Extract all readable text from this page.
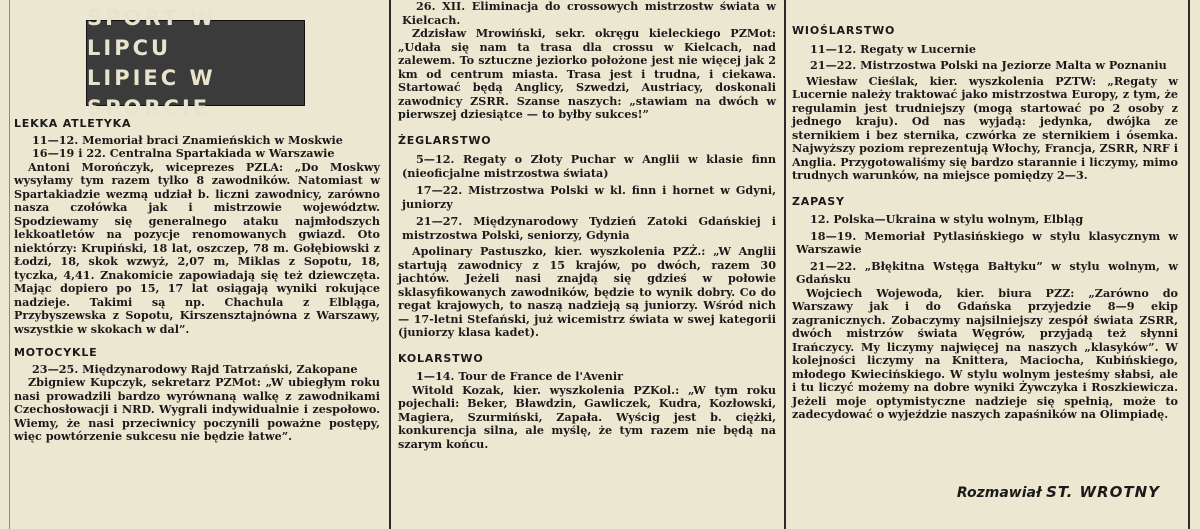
SPORT W LIPCU
LIPIEC W SPORCIE

LEKKA ATLETYKA

11—12. Memoriał braci Znamieńskich w Moskwie

16—19 i 22. Centralna Spartakiada w Warszawie

Antoni Morończyk, wiceprezes PZLA: „Do Moskwy wysyłamy tym razem tylko 8 zawodników. Natomiast w Spartakiadzie wezmą udział b. liczni zawodnicy, zarówno nasza czołówka jak i mistrzowie województw. Spodziewamy się generalnego ataku najmłodszych lekkoatletów na pozycje renomowanych gwiazd. Oto niektórzy: Krupiński, 18 lat, oszczep, 78 m. Gołębiowski z Łodzi, 18, skok wzwyż, 2,07 m, Miklas z Sopotu, 18, tyczka, 4,41. Znakomicie zapowiadają się też dziewczęta. Mając dopiero po 15, 17 lat osiągają wyniki rokujące nadzieje. Takimi są np. Chachula z Elbląga, Przybyszewska z Sopotu, Kirszensztajnówna z Warszawy, wszystkie w skokach w dal”.

MOTOCYKLE

23—25. Międzynarodowy Rajd Tatrzański, Zakopane

Zbigniew Kupczyk, sekretarz PZMot: „W ubiegłym roku nasi prowadzili bardzo wyrównaną walkę z zawodnikami Czechosłowacji i NRD. Wygrali indywidualnie i zespołowo. Wiemy, że nasi przeciwnicy poczynili poważne postępy, więc powtórzenie sukcesu nie będzie łatwe”.

26. XII. Eliminacja do crossowych mistrzostw świata w Kielcach.

Zdzisław Mrowiński, sekr. okręgu kieleckiego PZMot: „Udała się nam ta trasa dla crossu w Kielcach, nad zalewem. To sztuczne jeziorko położone jest nie więcej jak 2 km od centrum miasta. Trasa jest i trudna, i ciekawa. Startować będą Anglicy, Szwedzi, Austriacy, doskonali zawodnicy ZSRR. Szanse naszych: „stawiam na dwóch w pierwszej dziesiątce — to byłby sukces!”

ŻEGLARSTWO

5—12. Regaty o Złoty Puchar w Anglii w klasie finn (nieoficjalne mistrzostwa świata)

17—22. Mistrzostwa Polski w kl. finn i hornet w Gdyni, juniorzy

21—27. Międzynarodowy Tydzień Zatoki Gdańskiej i mistrzostwa Polski, seniorzy, Gdynia

Apolinary Pastuszko, kier. wyszkolenia PZŻ.: „W Anglii startują zawodnicy z 15 krajów, po dwóch, razem 30 jachtów. Jeżeli nasi znajdą się gdzieś w połowie sklasyfikowanych zawodników, będzie to wynik dobry. Co do regat krajowych, to naszą nadzieją są juniorzy. Wśród nich — 17-letni Stefański, już wicemistrz świata w swej kategorii (juniorzy klasa kadet).

KOLARSTWO

1—14. Tour de France de l'Avenir

Witold Kozak, kier. wyszkolenia PZKol.: „W tym roku pojechali: Beker, Bławdzin, Gawliczek, Kudra, Kozłowski, Magiera, Szurmiński, Zapała. Wyścig jest b. ciężki, konkurencja silna, ale myślę, że tym razem nie będą na szarym końcu.

WIOŚLARSTWO

11—12. Regaty w Lucernie

21—22. Mistrzostwa Polski na Jeziorze Malta w Poznaniu

Wiesław Cieślak, kier. wyszkolenia PZTW: „Regaty w Lucernie należy traktować jako mistrzostwa Europy, z tym, że regulamin jest trudniejszy (mogą startować po 2 osoby z jednego kraju). Od nas wyjadą: jedynka, dwójka ze sternikiem i bez sternika, czwórka ze sternikiem i ósemka. Najwyższy poziom reprezentują Włochy, Francja, ZSRR, NRF i Anglia. Przygotowaliśmy się bardzo starannie i liczymy, mimo trudnych warunków, na miejsce pomiędzy 2—3.

ZAPASY

12. Polska—Ukraina w stylu wolnym, Elbląg

18—19. Memoriał Pytlasińskiego w stylu klasycznym w Warszawie

21—22. „Błękitna Wstęga Bałtyku” w stylu wolnym, w Gdańsku

Wojciech Wojewoda, kier. biura PZZ: „Zarówno do Warszawy jak i do Gdańska przyjedzie 8—9 ekip zagranicznych. Zobaczymy najsilniejszy zespół świata ZSRR, dwóch mistrzów świata Węgrów, przyjadą też słynni Irańczycy. My liczymy najwięcej na naszych „klasyków”. W kolejności liczymy na Knittera, Maciocha, Kubińskiego, młodego Kwiecińskiego. W stylu wolnym jesteśmy słabsi, ale i tu liczyć możemy na dobre wyniki Żywczyka i Roszkiewicza. Jeżeli moje optymistyczne nadzieje się spełnią, może to zadecydować o wyjeździe naszych zapaśników na Olimpiadę.

Rozmawiał ST. WROTNY
